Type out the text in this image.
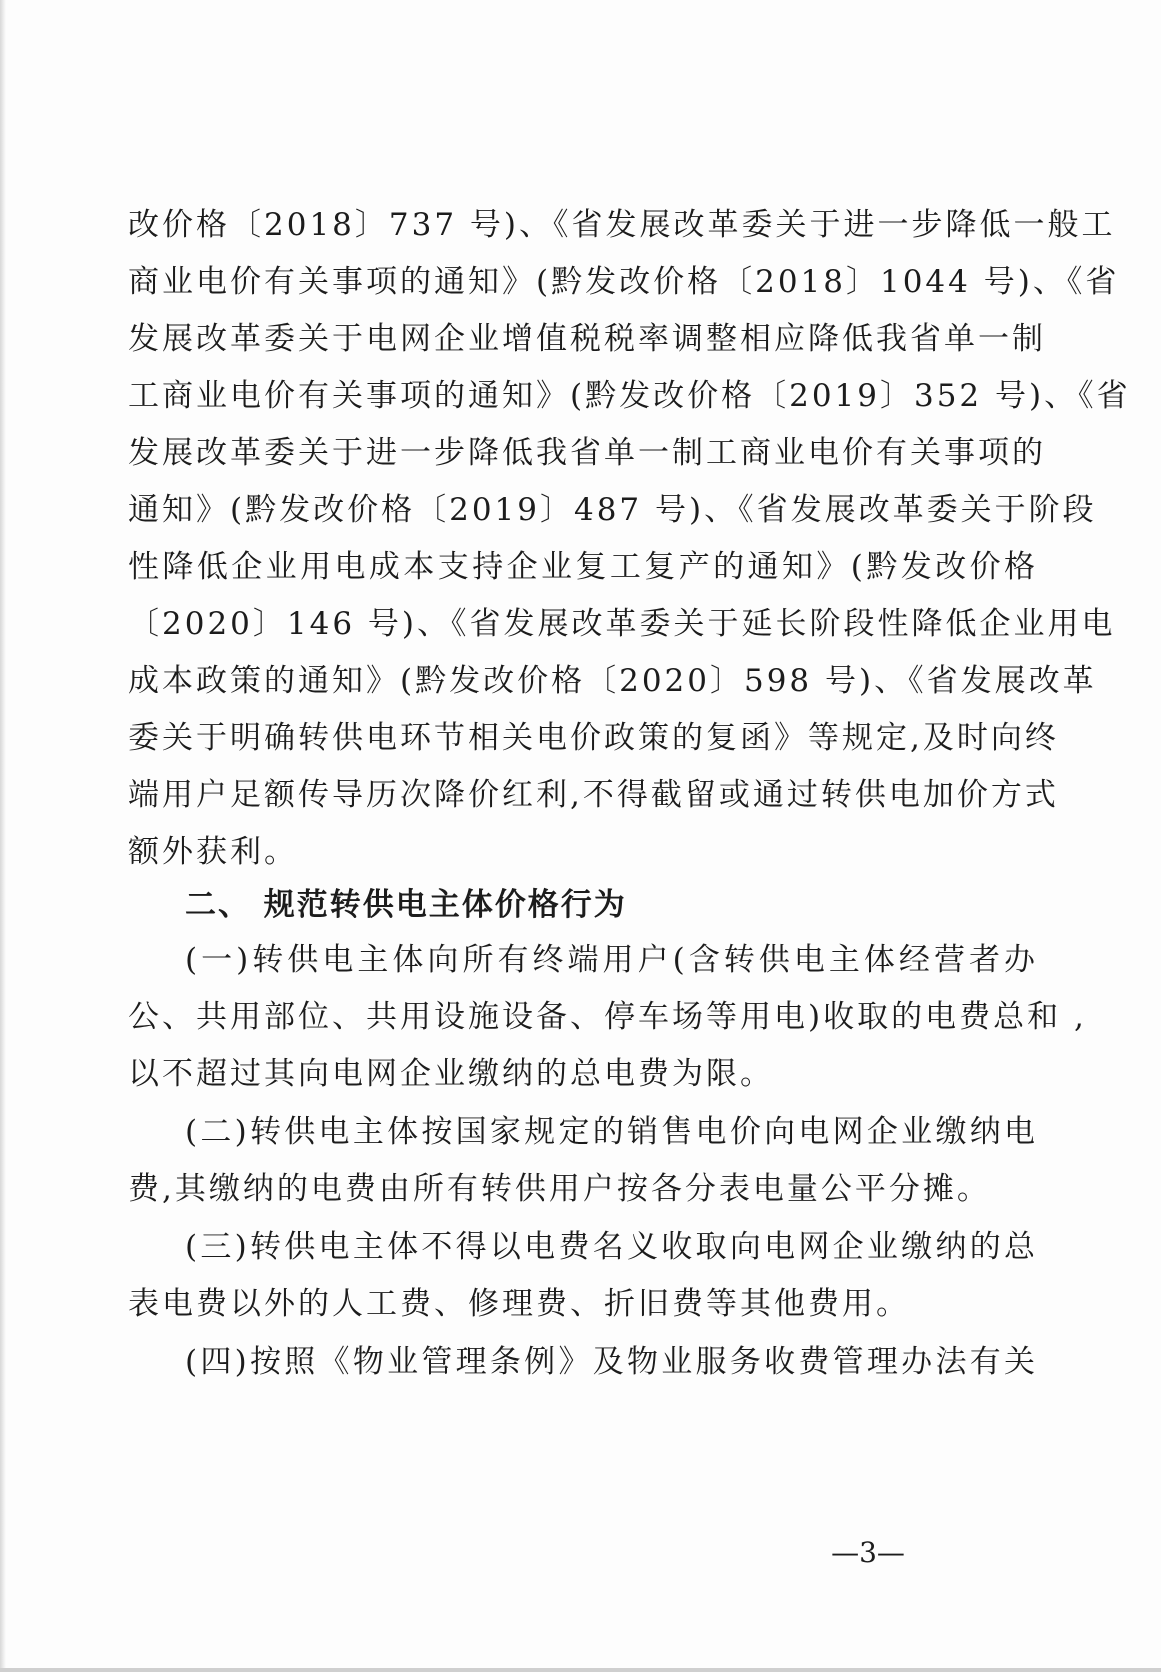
改价格〔2018〕737 号)、《省发展改革委关于进一步降低一般工
商业电价有关事项的通知》(黔发改价格〔2018〕1044 号)、《省
发展改革委关于电网企业增值税税率调整相应降低我省单一制
工商业电价有关事项的通知》(黔发改价格〔2019〕352 号)、《省
发展改革委关于进一步降低我省单一制工商业电价有关事项的
通知》(黔发改价格〔2019〕487 号)、《省发展改革委关于阶段
性降低企业用电成本支持企业复工复产的通知》(黔发改价格
〔2020〕146 号)、《省发展改革委关于延长阶段性降低企业用电
成本政策的通知》(黔发改价格〔2020〕598 号)、《省发展改革
委关于明确转供电环节相关电价政策的复函》等规定,及时向终
端用户足额传导历次降价红利,不得截留或通过转供电加价方式
额外获利。
二、 规范转供电主体价格行为
(一)转供电主体向所有终端用户(含转供电主体经营者办
公、共用部位、共用设施设备、停车场等用电)收取的电费总和 ,
以不超过其向电网企业缴纳的总电费为限。
(二)转供电主体按国家规定的销售电价向电网企业缴纳电
费,其缴纳的电费由所有转供用户按各分表电量公平分摊。
(三)转供电主体不得以电费名义收取向电网企业缴纳的总
表电费以外的人工费、修理费、折旧费等其他费用。
(四)按照《物业管理条例》及物业服务收费管理办法有关
—3—
